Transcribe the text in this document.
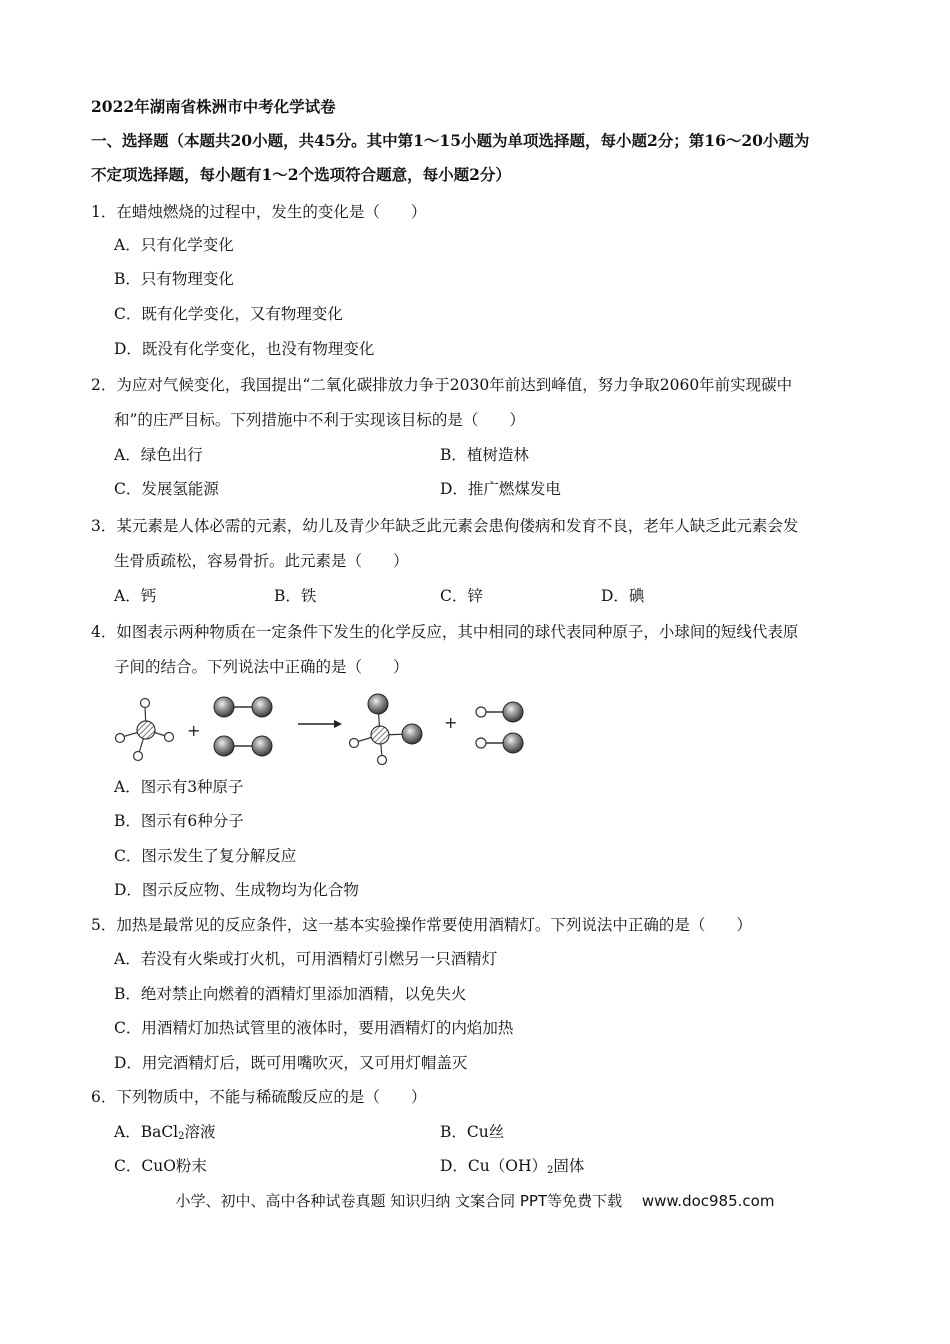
2022年湖南省株洲市中考化学试卷
一、选择题（本题共20小题，共45分。其中第1～15小题为单项选择题，每小题2分；第16～20小题为
不定项选择题，每小题有1～2个选项符合题意，每小题2分）
1．在蜡烛燃烧的过程中，发生的变化是（　　）
A．只有化学变化
B．只有物理变化
C．既有化学变化，又有物理变化
D．既没有化学变化，也没有物理变化
2．为应对气候变化，我国提出“二氧化碳排放力争于2030年前达到峰值，努力争取2060年前实现碳中
和”的庄严目标。下列措施中不利于实现该目标的是（　　）
A．绿色出行	B．植树造林
C．发展氢能源	D．推广燃煤发电
3．某元素是人体必需的元素，幼儿及青少年缺乏此元素会患佝偻病和发育不良，老年人缺乏此元素会发
生骨质疏松，容易骨折。此元素是（　　）
A．钙	B．铁	C．锌	D．碘
4．如图表示两种物质在一定条件下发生的化学反应，其中相同的球代表同种原子，小球间的短线代表原
子间的结合。下列说法中正确的是（　　）
+	+
A．图示有3种原子
B．图示有6种分子
C．图示发生了复分解反应
D．图示反应物、生成物均为化合物
5．加热是最常见的反应条件，这一基本实验操作常要使用酒精灯。下列说法中正确的是（　　）
A．若没有火柴或打火机，可用酒精灯引燃另一只酒精灯
B．绝对禁止向燃着的酒精灯里添加酒精，以免失火
C．用酒精灯加热试管里的液体时，要用酒精灯的内焰加热
D．用完酒精灯后，既可用嘴吹灭，又可用灯帽盖灭
6．下列物质中，不能与稀硫酸反应的是（　　）
A．BaCl$_2$溶液	B．Cu丝
C．CuO粉末	D．$Cu(OH)_2$固体
小学、初中、高中各种试卷真题 知识归纳 文案合同 PPT等免费下载　 www.doc985.com
